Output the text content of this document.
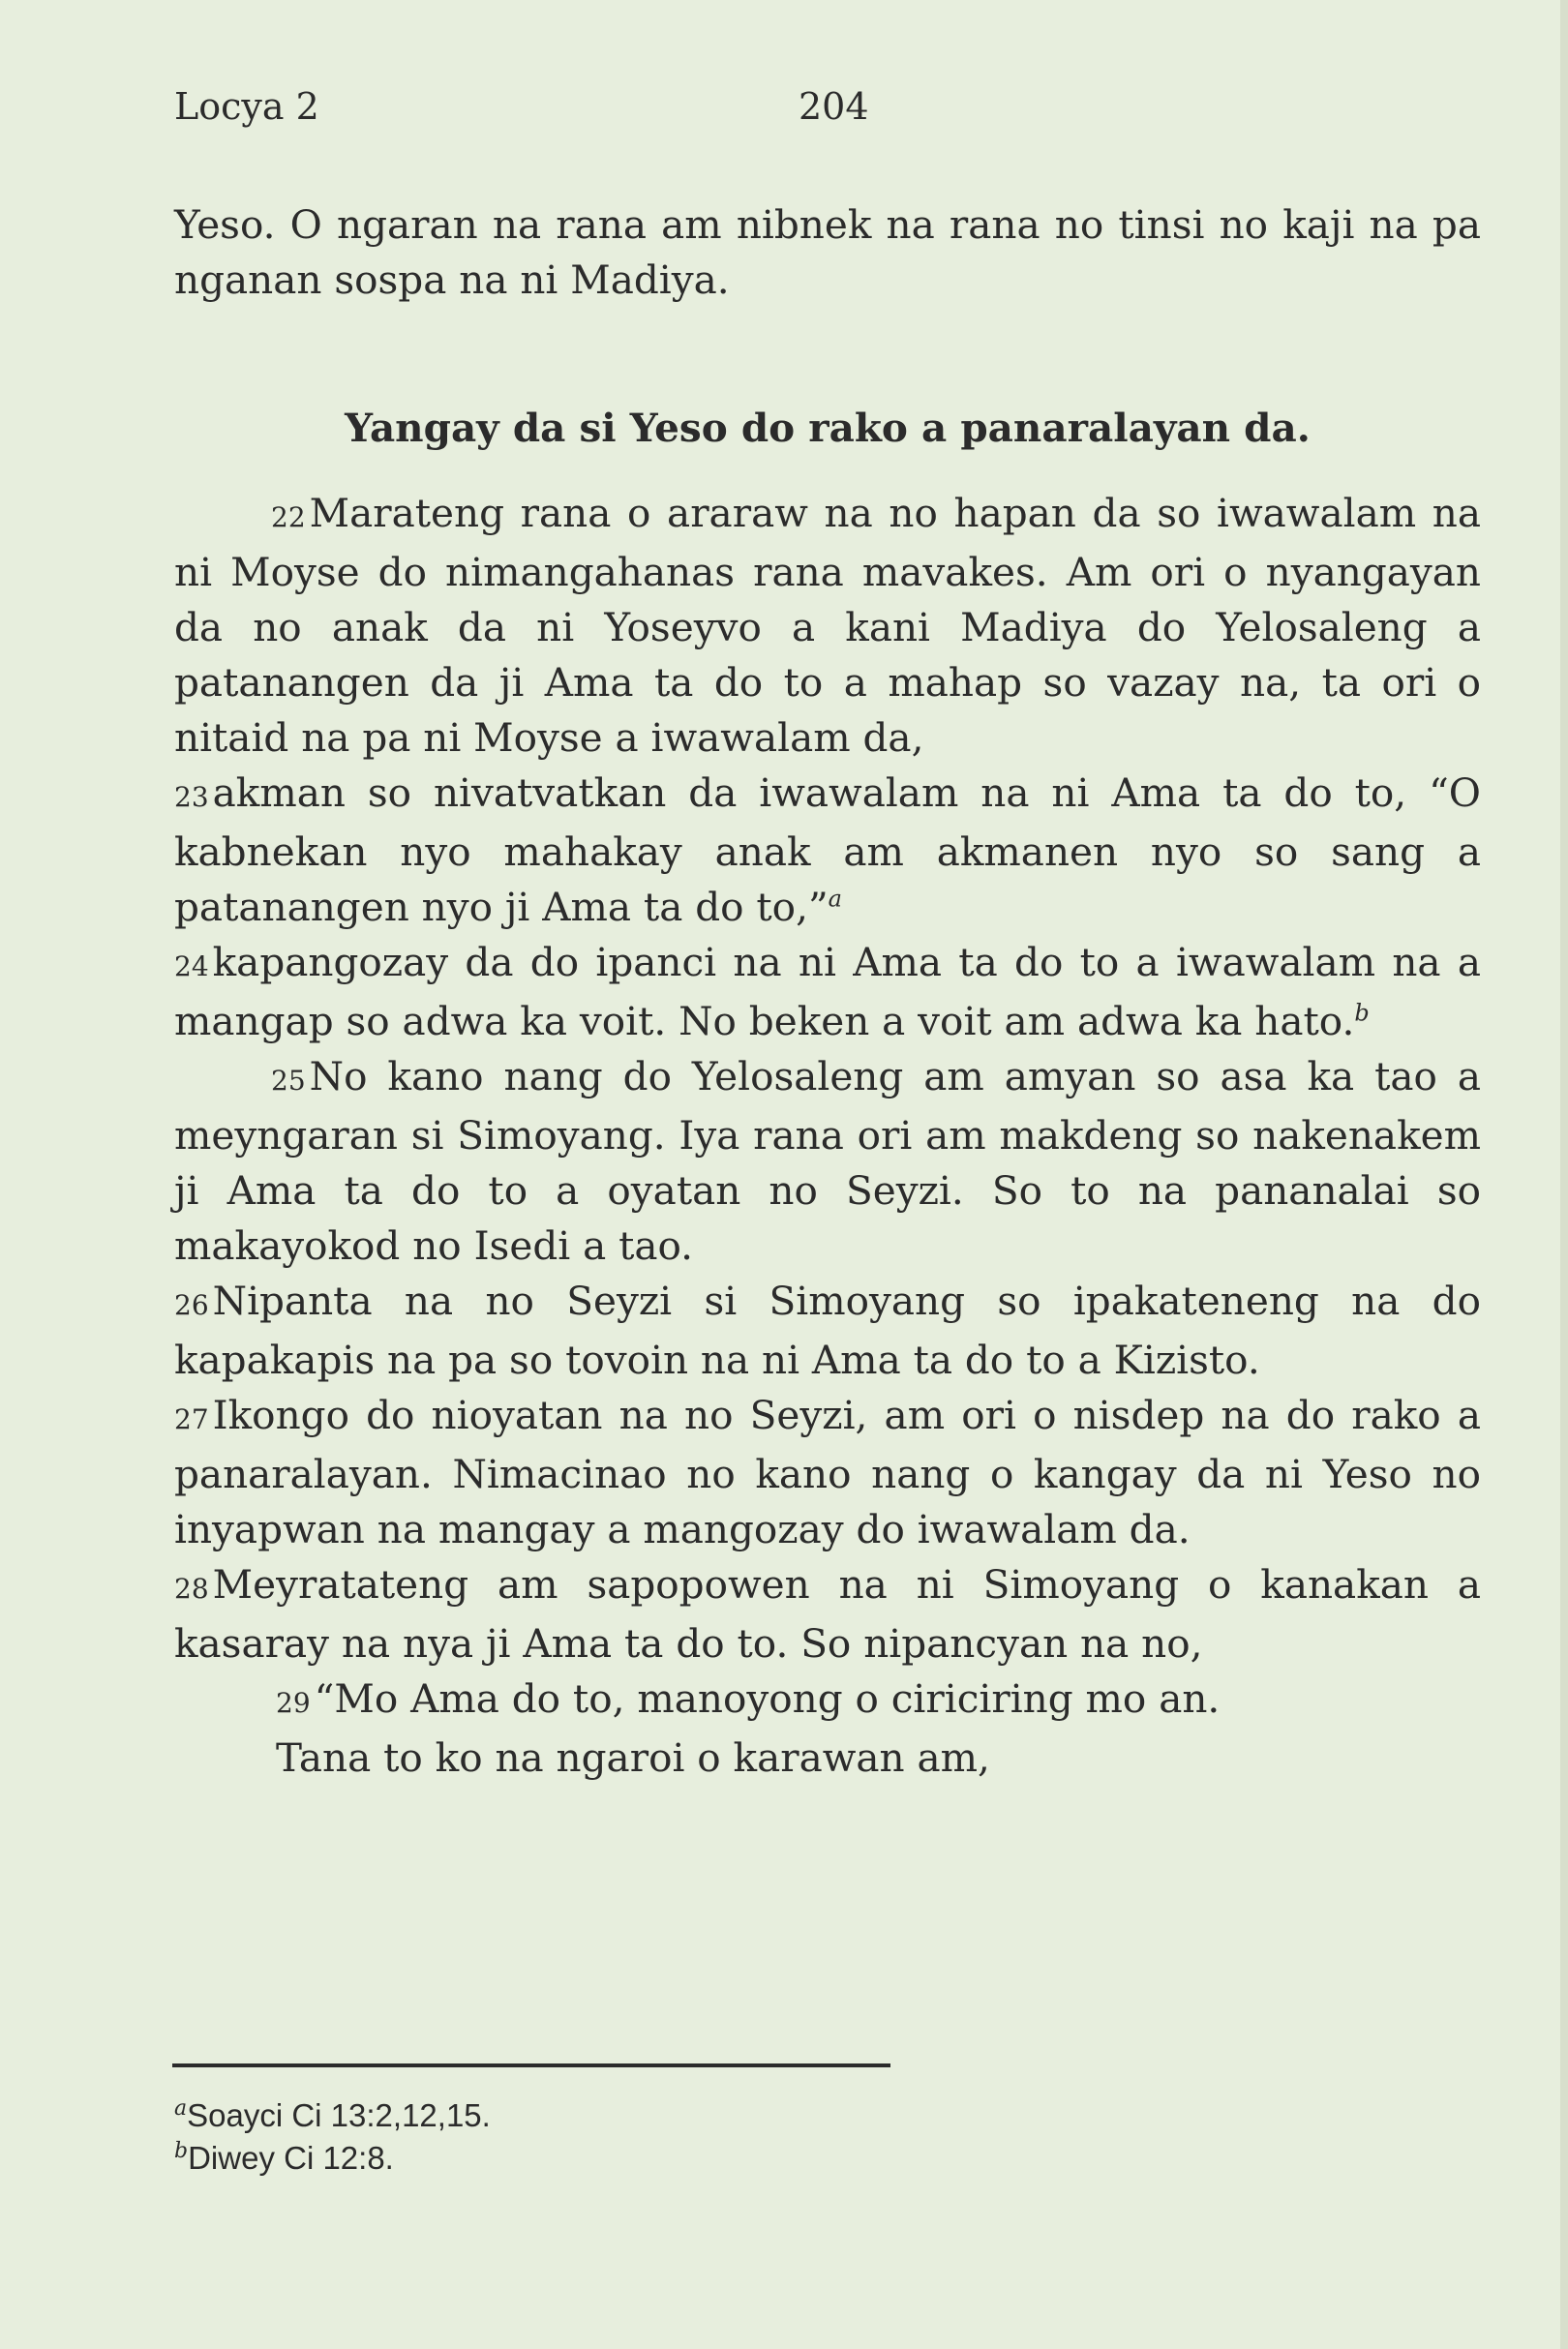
Locya 2	204

Yeso. O ngaran na rana am nibnek na rana no tinsi no kaji na pa nganan sospa na ni Madiya.

Yangay da si Yeso do rako a panaralayan da.

22Marateng rana o araraw na no hapan da so iwawalam na ni Moyse do nimangahanas rana mavakes. Am ori o nyangayan da no anak da ni Yoseyvo a kani Madiya do Yelosaleng a patanangen da ji Ama ta do to a mahap so vazay na, ta ori o nitaid na pa ni Moyse a iwawalam da,

23akman so nivatvatkan da iwawalam na ni Ama ta do to, “O kabnekan nyo mahakay anak am akmanen nyo so sang a patanangen nyo ji Ama ta do to,”$^a$

24kapangozay da do ipanci na ni Ama ta do to a iwawalam na a mangap so adwa ka voit. No beken a voit am adwa ka hato.$^b$

25No kano nang do Yelosaleng am amyan so asa ka tao a meyngaran si Simoyang. Iya rana ori am makdeng so nakenakem ji Ama ta do to a oyatan no Seyzi. So to na pananalai so makayokod no Isedi a tao.

26Nipanta na no Seyzi si Simoyang so ipakateneng na do kapakapis na pa so tovoin na ni Ama ta do to a Kizisto.

27Ikongo do nioyatan na no Seyzi, am ori o nisdep na do rako a panaralayan. Nimacinao no kano nang o kangay da ni Yeso no inyapwan na mangay a mangozay do iwawalam da.

28Meyratateng am sapopowen na ni Simoyang o kanakan a kasaray na nya ji Ama ta do to. So nipancyan na no,

29“Mo Ama do to, manoyong o ciriciring mo an.

Tana to ko na ngaroi o karawan am,

$^a$Soayci Ci 13:2,12,15.
$^b$Diwey Ci 12:8.
